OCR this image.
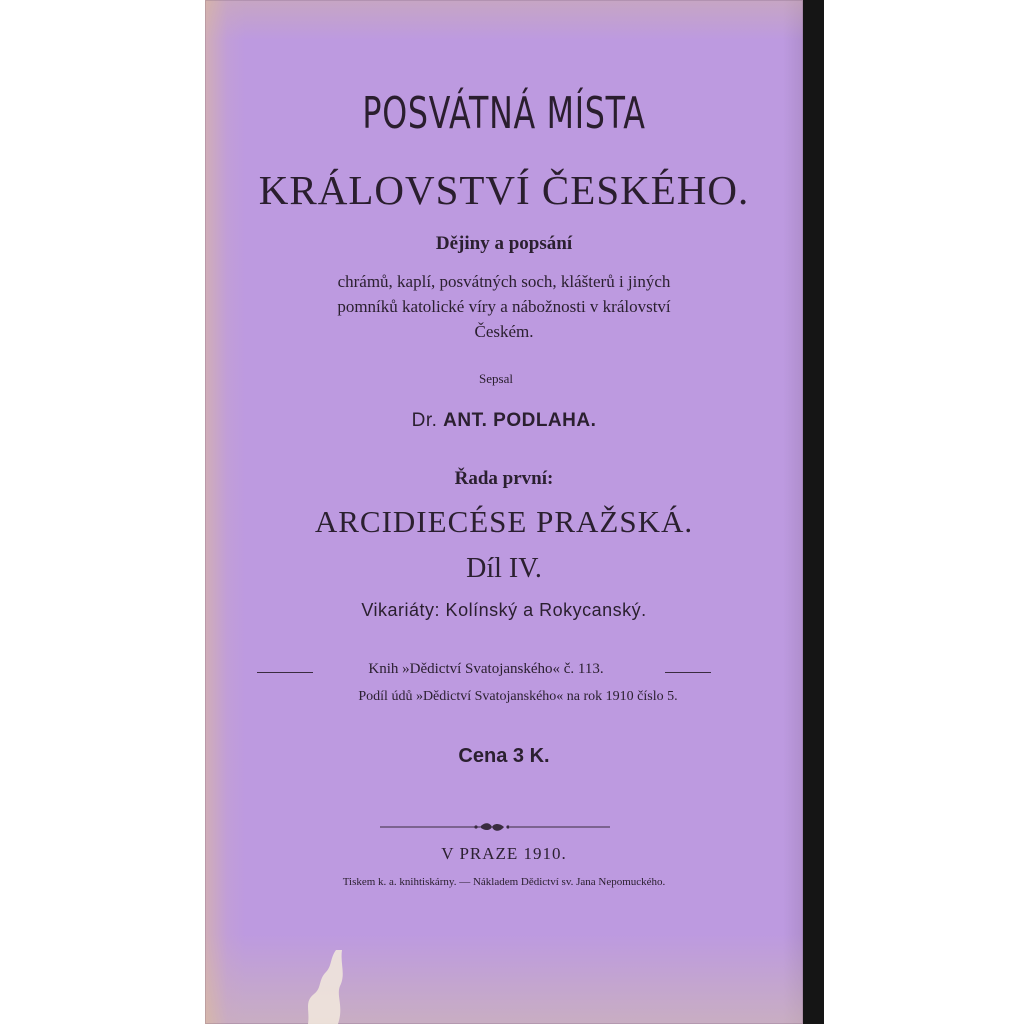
POSVÁTNÁ MÍSTA

KRÁLOVSTVÍ ČESKÉHO.

Dějiny a popsání

chrámů, kaplí, posvátných soch, klášterů i jiných
pomníků katolické víry a nábožnosti v království
Českém.

Sepsal

Dr. ANT. PODLAHA.

Řada první:

ARCIDIECÉSE PRAŽSKÁ.

Díl IV.

Vikariáty: Kolínský a Rokycanský.

Knih »Dědictví Svatojanského« č. 113.

Podíl údů »Dědictví Svatojanského« na rok 1910 číslo 5.

Cena 3 K.

V PRAZE 1910.

Tiskem k. a. knihtiskárny. — Nákladem Dědictví sv. Jana Nepomuckého.
